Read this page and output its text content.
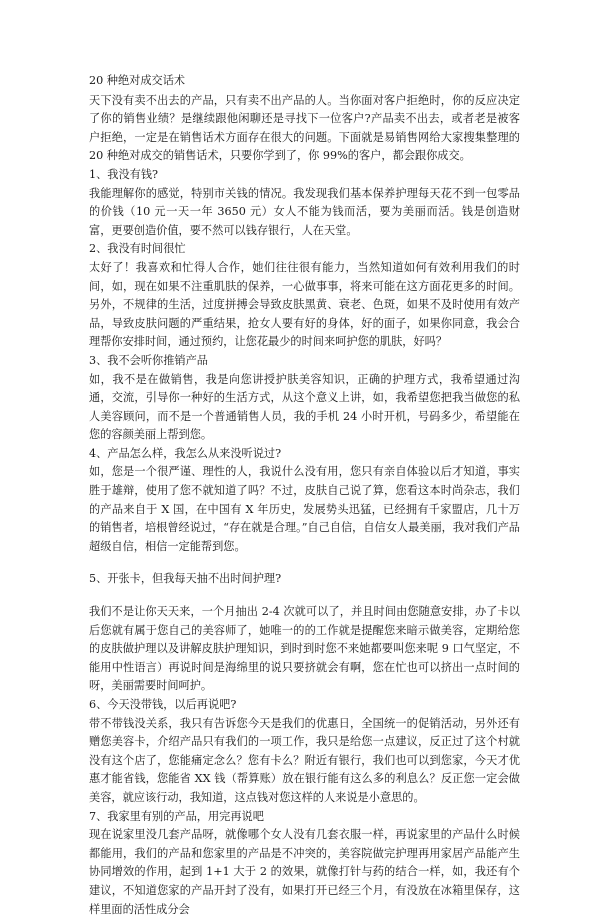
20 种绝对成交话术

天下没有卖不出去的产品，只有卖不出产品的人。当你面对客户拒绝时，你的反应决定了你的销售业绩？是继续跟他闲聊还是寻找下一位客户?产品卖不出去，或者老是被客户拒绝，一定是在销售话术方面存在很大的问题。下面就是易销售网给大家搜集整理的 20 种绝对成交的销售话术，只要你学到了，你 99%的客户，都会跟你成交。

1、我没有钱?

我能理解你的感觉，特别市关钱的情况。我发现我们基本保养护理每天花不到一包零品的价钱（10 元一天一年 3650 元）女人不能为钱而活，要为美丽而活。钱是创造财富，更要创造价值，要不然可以钱存银行，人在天堂。

2、我没有时间很忙

太好了！我喜欢和忙得人合作，她们往往很有能力，当然知道如何有效利用我们的时间，如，现在如果不注重肌肤的保养，一心做事事，将来可能在这方面花更多的时间。另外，不规律的生活，过度拼搏会导致皮肤黑黄、衰老、色斑，如果不及时使用有效产品，导致皮肤问题的严重结果，抢女人要有好的身体，好的面子，如果你同意，我会合理帮你安排时间，通过预约，让您花最少的时间来呵护您的肌肤，好吗？

3、我不会听你推销产品

如，我不是在做销售，我是向您讲授护肤美容知识，正确的护理方式，我希望通过沟通，交流，引导你一种好的生活方式，从这个意义上讲，如，我希望您把我当做您的私人美容顾问，而不是一个普通销售人员，我的手机 24 小时开机，号码多少，希望能在您的容颜美丽上帮到您。

4、产品怎么样，我怎么从来没听说过?

如，您是一个很严谨、理性的人，我说什么没有用，您只有亲自体验以后才知道，事实胜于雄辩，使用了您不就知道了吗？不过，皮肤自己说了算，您看这本时尚杂志，我们的产品来自于 X 国，在中国有 X 年历史，发展势头迅猛，已经拥有千家盟店，几十万的销售者，培根曾经说过，“存在就是合理。”自己自信，自信女人最美丽，我对我们产品超级自信，相信一定能帮到您。

5、开张卡，但我每天抽不出时间护理?

我们不是让你天天来，一个月抽出 2-4 次就可以了，并且时间由您随意安排，办了卡以后您就有属于您自己的美容师了，她唯一的的工作就是提醒您来暗示做美容，定期给您的皮肤做护理以及讲解皮肤护理知识，到时到时您不来她都要叫您来呢 9 口气坚定，不能用中性语言）再说时间是海绵里的说只要挤就会有啊，您在忙也可以挤出一点时间的呀，美丽需要时间呵护。

6、今天没带钱，以后再说吧?

带不带钱没关系，我只有告诉您今天是我们的优惠日，全国统一的促销活动，另外还有赠您美容卡，介绍产品只有我们的一项工作，我只是给您一点建议，反正过了这个村就没有这个店了，您能痛定念么？您有卡么？附近有银行，我们也可以到您家，今天才优惠才能省钱，您能省 XX 钱（帮算账）放在银行能有这么多的利息么？反正您一定会做美容，就应该行动，我知道，这点钱对您这样的人来说是小意思的。

7、我家里有别的产品，用完再说吧

现在说家里没几套产品呀，就像哪个女人没有几套衣服一样，再说家里的产品什么时候都能用，我们的产品和您家里的产品是不冲突的，美容院做完护理再用家居产品能产生协同增效的作用，起到 1+1 大于 2 的效果，就像打针与药的结合一样，如，我还有个建议，不知道您家的产品开封了没有，如果打开已经三个月，有没放在冰箱里保存，这样里面的活性成分会
